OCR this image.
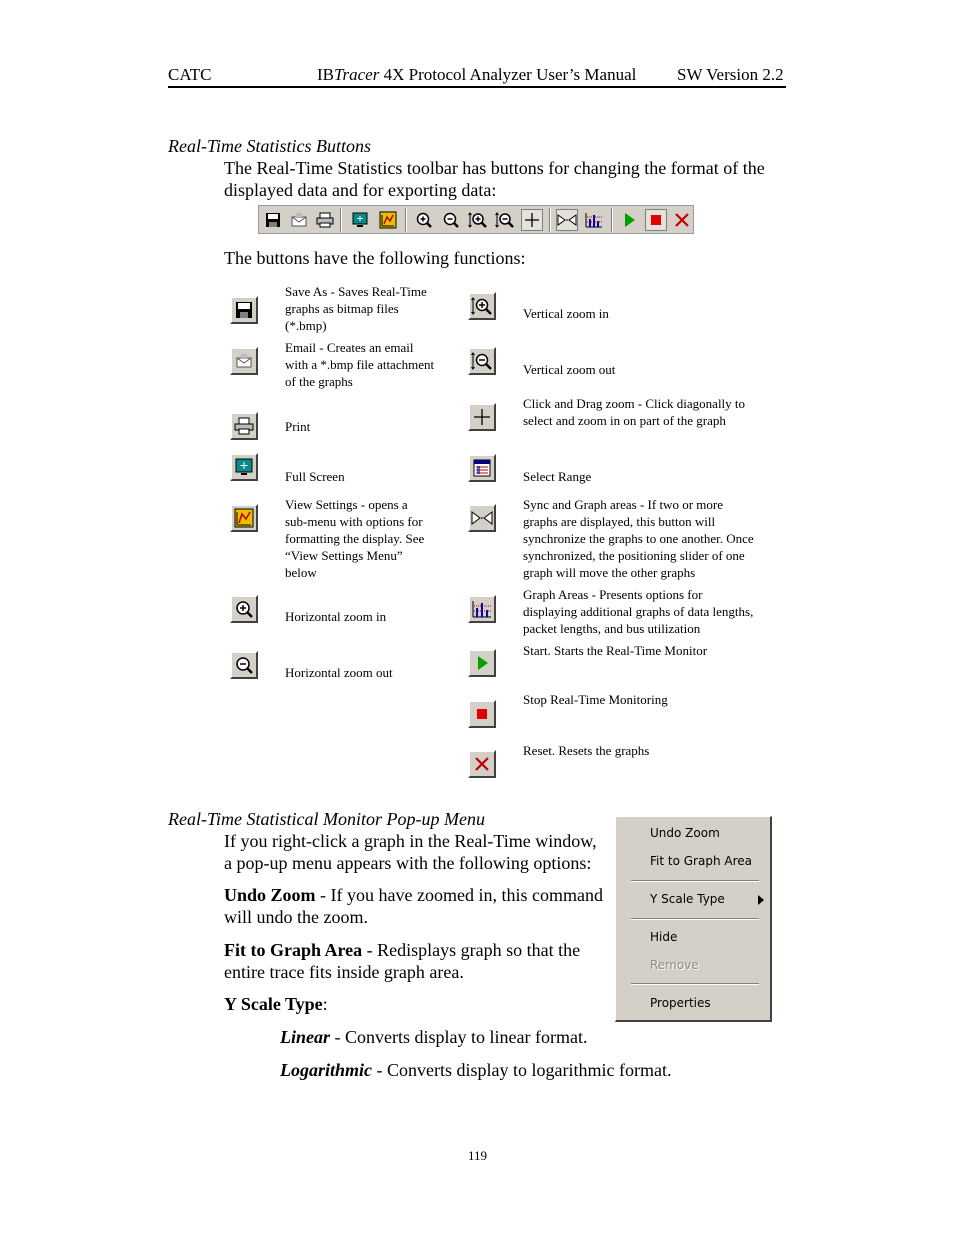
CATC	IBTracer 4X Protocol Analyzer User’s Manual SW Version 2.2
Real-Time Statistics Buttons
The Real-Time Statistics toolbar has buttons for changing the format of the
displayed data and for exporting data:
The buttons have the following functions:
Save As - Saves Real-Time
graphs as bitmap files
(*.bmp)
Email - Creates an email
with a *.bmp file attachment
of the graphs
Print
Full Screen
View Settings - opens a
sub-menu with options for
formatting the display. See
“View Settings Menu”
below
Horizontal zoom in
Horizontal zoom out
Vertical zoom in
Vertical zoom out
Click and Drag zoom - Click diagonally to
select and zoom in on part of the graph
Select Range
Sync and Graph areas - If two or more
graphs are displayed, this button will
synchronize the graphs to one another. Once
synchronized, the positioning slider of one
graph will move the other graphs
Graph Areas - Presents options for
displaying additional graphs of data lengths,
packet lengths, and bus utilization
Start. Starts the Real-Time Monitor
Stop Real-Time Monitoring
Reset. Resets the graphs
Real-Time Statistical Monitor Pop-up Menu
If you right-click a graph in the Real-Time window,
a pop-up menu appears with the following options:
Undo Zoom - If you have zoomed in, this command
will undo the zoom.
Fit to Graph Area - Redisplays graph so that the
entire trace fits inside graph area.
Y Scale Type:
Linear - Converts display to linear format.
Logarithmic - Converts display to logarithmic format.
Undo Zoom
Fit to Graph Area
Y Scale Type
Hide
Remove
Properties
119
